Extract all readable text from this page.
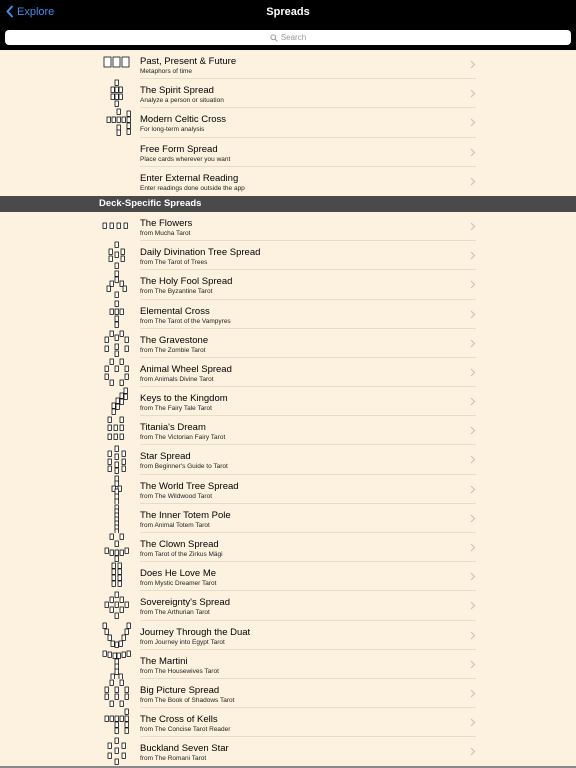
Explore	Spreads
Search
Past, Present & Future
Metaphors of time
The Spirit Spread
Analyze a person or situation
Modern Celtic Cross
For long-term analysis
Free Form Spread
Place cards wherever you want
Enter External Reading
Enter readings done outside the app
Deck-Specific Spreads
The Flowers
from Mucha Tarot
Daily Divination Tree Spread
from The Tarot of Trees
The Holy Fool Spread
from The Byzantine Tarot
Elemental Cross
from The Tarot of the Vampyres
The Gravestone
from The Zombie Tarot
Animal Wheel Spread
from Animals Divine Tarot
Keys to the Kingdom
from The Fairy Tale Tarot
Titania's Dream
from The Victorian Fairy Tarot
Star Spread
from Beginner's Guide to Tarot
The World Tree Spread
from The Wildwood Tarot
The Inner Totem Pole
from Animal Totem Tarot
The Clown Spread
from Tarot of the Zirkus Mägi
Does He Love Me
from Mystic Dreamer Tarot
Sovereignty's Spread
from The Arthurian Tarot
Journey Through the Duat
from Journey into Egypt Tarot
The Martini
from The Housewives Tarot
Big Picture Spread
from The Book of Shadows Tarot
The Cross of Kells
from The Concise Tarot Reader
Buckland Seven Star
from The Romani Tarot
